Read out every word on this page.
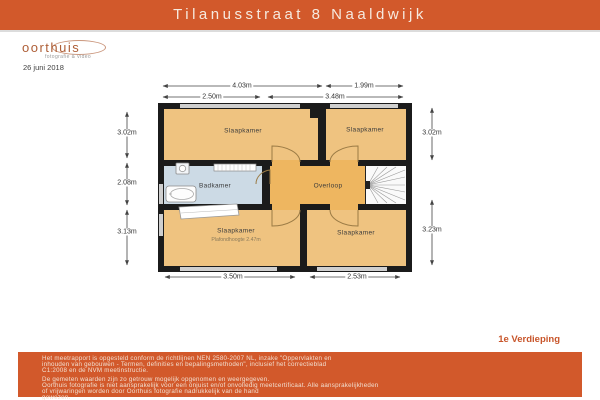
Tilanusstraat 8 Naaldwijk
oorthuis
fotografie & video
26 juni 2018
4.03m	1.99m
2.50m	3.48m
3.02m
2.08m
3.13m
3.02m
3.23m
3.50m	2.53m
Slaapkamer	Slaapkamer
Badkamer	Overloop
Slaapkamer
Plafondhoogte 2.47m
Slaapkamer
1e Verdieping
Het meetrapport is opgesteld conform de richtlijnen NEN 2580-2007 NL, inzake "Oppervlakten en
inhouden van gebouwen - Termen, definities en bepalingsmethoden", inclusief het correctieblad
C1:2008 en de NVM meetinstructie.
De gemeten waarden zijn zo getrouw mogelijk opgenomen en weergegeven.
Oorthuis fotografie is niet aansprakelijk voor een onjuist en/of onvolledig meetcertificaat. Alle aansprakelijkheden
of vrijwaringen worden door Oorthuis fotografie nadrukkelijk van de hand
gewezen.
